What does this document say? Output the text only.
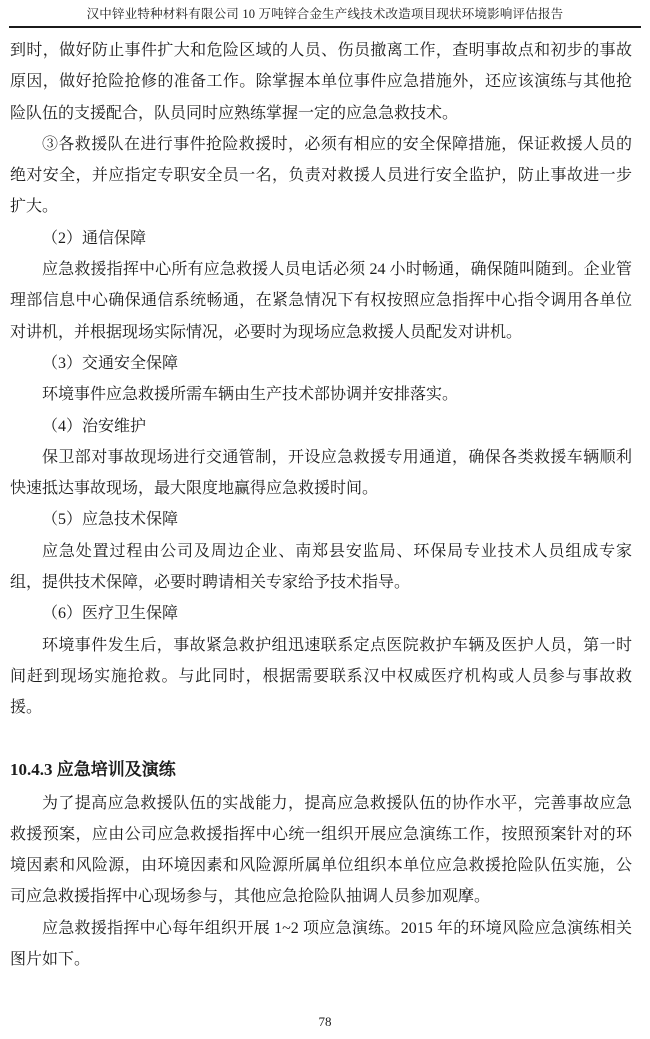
汉中锌业特种材料有限公司 10 万吨锌合金生产线技术改造项目现状环境影响评估报告

到时，做好防止事件扩大和危险区域的人员、伤员撤离工作，查明事故点和初步的事故原因，做好抢险抢修的准备工作。除掌握本单位事件应急措施外，还应该演练与其他抢险队伍的支援配合，队员同时应熟练掌握一定的应急急救技术。

③各救援队在进行事件抢险救援时，必须有相应的安全保障措施，保证救援人员的绝对安全，并应指定专职安全员一名，负责对救援人员进行安全监护，防止事故进一步扩大。

（2）通信保障

应急救援指挥中心所有应急救援人员电话必须 24 小时畅通，确保随叫随到。企业管理部信息中心确保通信系统畅通，在紧急情况下有权按照应急指挥中心指令调用各单位对讲机，并根据现场实际情况，必要时为现场应急救援人员配发对讲机。

（3）交通安全保障

环境事件应急救援所需车辆由生产技术部协调并安排落实。

（4）治安维护

保卫部对事故现场进行交通管制，开设应急救援专用通道，确保各类救援车辆顺利快速抵达事故现场，最大限度地赢得应急救援时间。

（5）应急技术保障

应急处置过程由公司及周边企业、南郑县安监局、环保局专业技术人员组成专家组，提供技术保障，必要时聘请相关专家给予技术指导。

（6）医疗卫生保障

环境事件发生后，事故紧急救护组迅速联系定点医院救护车辆及医护人员，第一时间赶到现场实施抢救。与此同时，根据需要联系汉中权威医疗机构或人员参与事故救援。

10.4.3 应急培训及演练

为了提高应急救援队伍的实战能力，提高应急救援队伍的协作水平，完善事故应急救援预案，应由公司应急救援指挥中心统一组织开展应急演练工作，按照预案针对的环境因素和风险源，由环境因素和风险源所属单位组织本单位应急救援抢险队伍实施，公司应急救援指挥中心现场参与，其他应急抢险队抽调人员参加观摩。

应急救援指挥中心每年组织开展 1~2 项应急演练。2015 年的环境风险应急演练相关图片如下。

78
